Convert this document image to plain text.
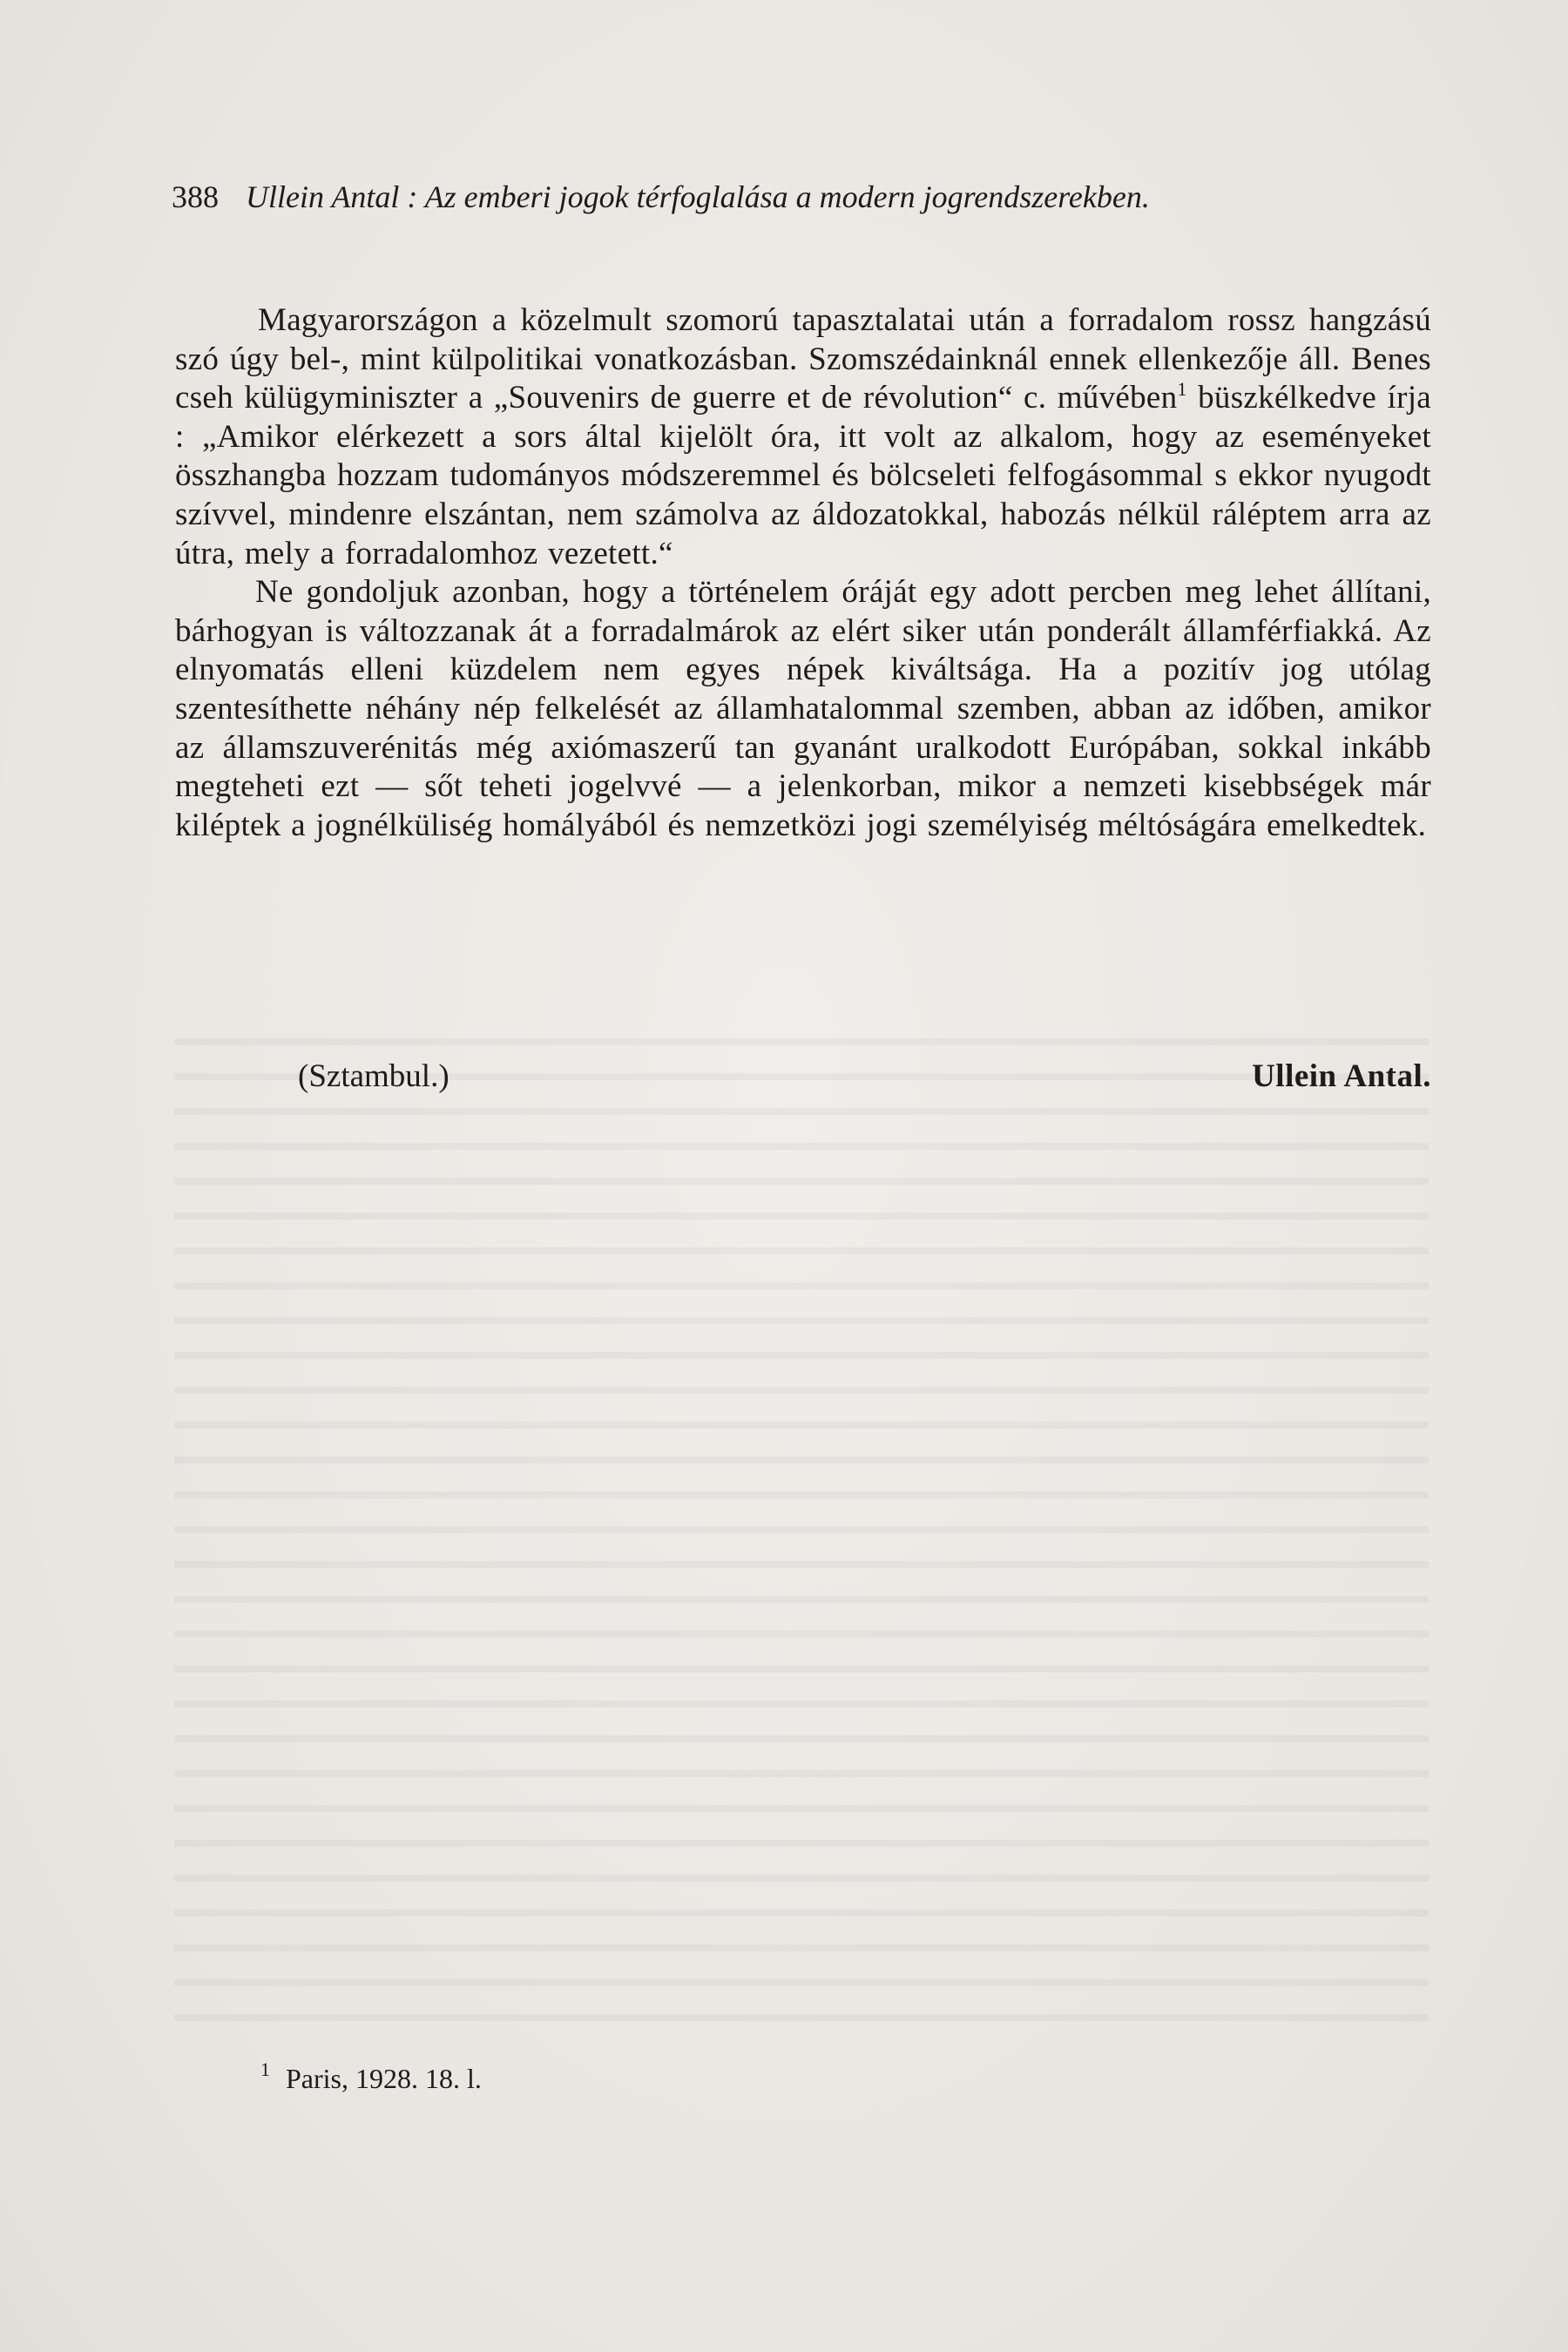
388 Ullein Antal : Az emberi jogok térfoglalása a modern jogrendszerekben.

Magyarországon a közelmult szomorú tapasztalatai után a forradalom rossz hangzású szó úgy bel-, mint külpolitikai vonatkozásban. Szomszédainknál ennek ellenkezője áll. Benes cseh külügyminiszter a „Souvenirs de guerre et de révolution“ c. művében$^1$ büszkélkedve írja : „Amikor elérkezett a sors által kijelölt óra, itt volt az alkalom, hogy az eseményeket összhangba hozzam tudományos módszeremmel és bölcseleti felfogásommal s ekkor nyugodt szívvel, mindenre elszántan, nem számolva az áldozatokkal, habozás nélkül ráléptem arra az útra, mely a forradalomhoz vezetett.“

Ne gondoljuk azonban, hogy a történelem óráját egy adott percben meg lehet állítani, bárhogyan is változzanak át a forradalmárok az elért siker után ponderált államférfiakká. Az elnyomatás elleni küzdelem nem egyes népek kiváltsága. Ha a pozitív jog utólag szentesíthette néhány nép felkelését az államhatalommal szemben, abban az időben, amikor az államszuverénitás még axiómaszerű tan gyanánt uralkodott Európában, sokkal inkább megteheti ezt — sőt teheti jogelvvé — a jelenkorban, mikor a nemzeti kisebbségek már kiléptek a jognélküliség homályából és nemzetközi jogi személyiség méltóságára emelkedtek.

(Sztambul.)	Ullein Antal.
$^1$ Paris, 1928. 18. l.
